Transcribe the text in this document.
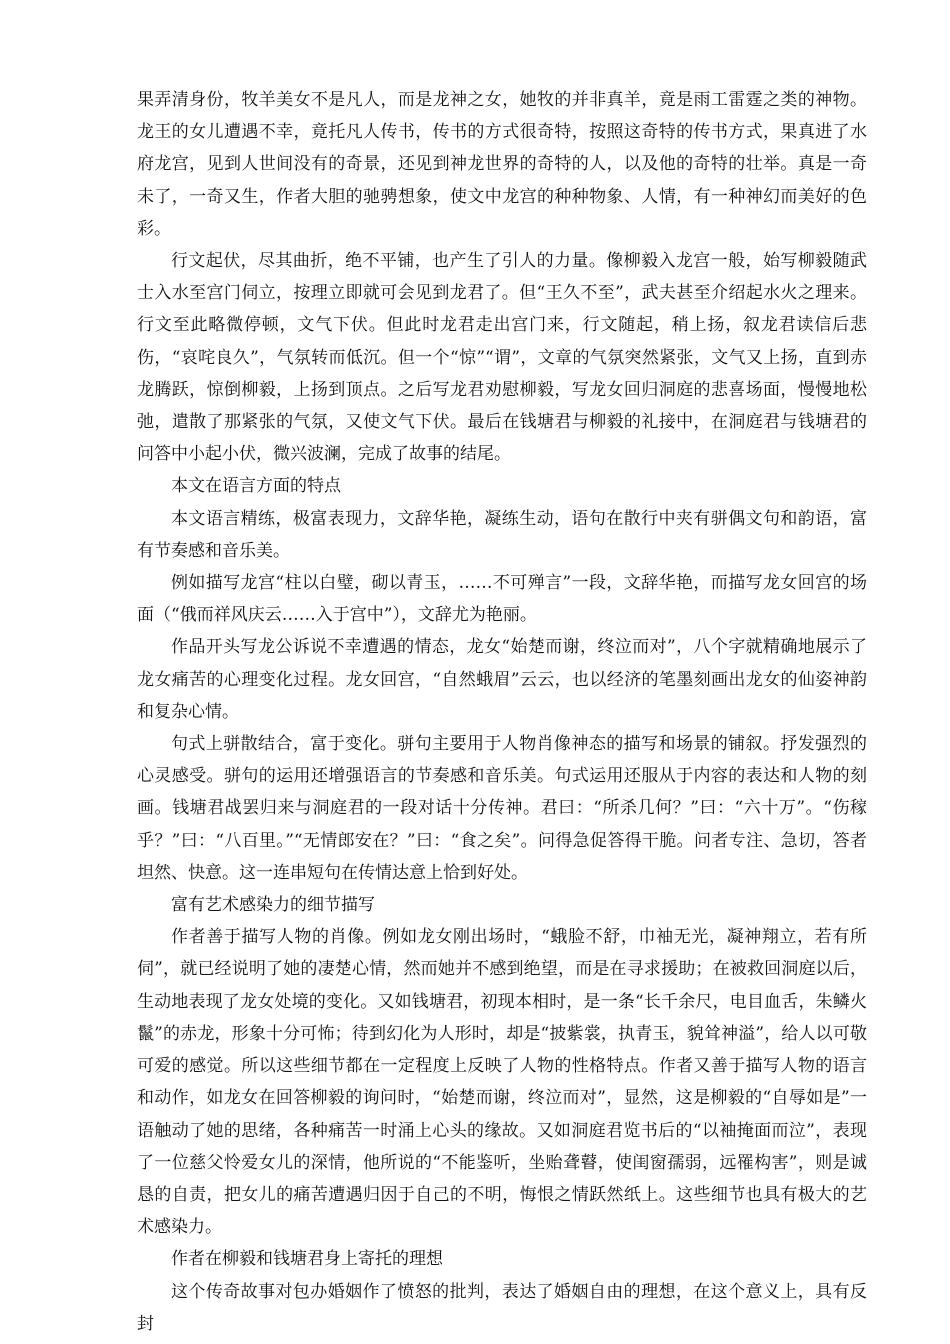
果弄清身份，牧羊美女不是凡人，而是龙神之女，她牧的并非真羊，竟是雨工雷霆之类的神物。龙王的女儿遭遇不幸，竟托凡人传书，传书的方式很奇特，按照这奇特的传书方式，果真进了水府龙宫，见到人世间没有的奇景，还见到神龙世界的奇特的人，以及他的奇特的壮举。真是一奇未了，一奇又生，作者大胆的驰骋想象，使文中龙宫的种种物象、人情，有一种神幻而美好的色彩。

行文起伏，尽其曲折，绝不平铺，也产生了引人的力量。像柳毅入龙宫一般，始写柳毅随武士入水至宫门伺立，按理立即就可会见到龙君了。但“王久不至”，武夫甚至介绍起水火之理来。行文至此略微停顿，文气下伏。但此时龙君走出宫门来，行文随起，稍上扬，叙龙君读信后悲伤，“哀咤良久”，气氛转而低沉。但一个“惊”“谓”，文章的气氛突然紧张，文气又上扬，直到赤龙腾跃，惊倒柳毅，上扬到顶点。之后写龙君劝慰柳毅，写龙女回归洞庭的悲喜场面，慢慢地松弛，遣散了那紧张的气氛，又使文气下伏。最后在钱塘君与柳毅的礼接中，在洞庭君与钱塘君的问答中小起小伏，微兴波澜，完成了故事的结尾。

本文在语言方面的特点

本文语言精练，极富表现力，文辞华艳，凝练生动，语句在散行中夹有骈偶文句和韵语，富有节奏感和音乐美。

例如描写龙宫“柱以白璧，砌以青玉，……不可殚言”一段，文辞华艳，而描写龙女回宫的场面（“俄而祥风庆云……入于宫中”），文辞尤为艳丽。

作品开头写龙公诉说不幸遭遇的情态，龙女“始楚而谢，终泣而对”，八个字就精确地展示了龙女痛苦的心理变化过程。龙女回宫，“自然蛾眉”云云，也以经济的笔墨刻画出龙女的仙姿神韵和复杂心情。

句式上骈散结合，富于变化。骈句主要用于人物肖像神态的描写和场景的铺叙。抒发强烈的心灵感受。骈句的运用还增强语言的节奏感和音乐美。句式运用还服从于内容的表达和人物的刻画。钱塘君战罢归来与洞庭君的一段对话十分传神。君曰：“所杀几何？”曰：“六十万”。“伤稼乎？”曰：“八百里。”“无情郎安在？”曰：“食之矣”。问得急促答得干脆。问者专注、急切，答者坦然、快意。这一连串短句在传情达意上恰到好处。

富有艺术感染力的细节描写

作者善于描写人物的肖像。例如龙女刚出场时，“蛾脸不舒，巾袖无光，凝神翔立，若有所伺”，就已经说明了她的凄楚心情，然而她并不感到绝望，而是在寻求援助；在被救回洞庭以后，生动地表现了龙女处境的变化。又如钱塘君，初现本相时，是一条“长千余尺，电目血舌，朱鳞火鬣”的赤龙，形象十分可怖；待到幻化为人形时，却是“披紫裳，执青玉，貌耸神溢”，给人以可敬可爱的感觉。所以这些细节都在一定程度上反映了人物的性格特点。作者又善于描写人物的语言和动作，如龙女在回答柳毅的询问时，“始楚而谢，终泣而对”，显然，这是柳毅的“自辱如是”一语触动了她的思绪，各种痛苦一时涌上心头的缘故。又如洞庭君览书后的“以袖掩面而泣”，表现了一位慈父怜爱女儿的深情，他所说的“不能鉴听，坐贻聋瞽，使闺窗孺弱，远罹构害”，则是诚恳的自责，把女儿的痛苦遭遇归因于自己的不明，悔恨之情跃然纸上。这些细节也具有极大的艺术感染力。

作者在柳毅和钱塘君身上寄托的理想

这个传奇故事对包办婚姻作了愤怒的批判，表达了婚姻自由的理想，在这个意义上，具有反封
